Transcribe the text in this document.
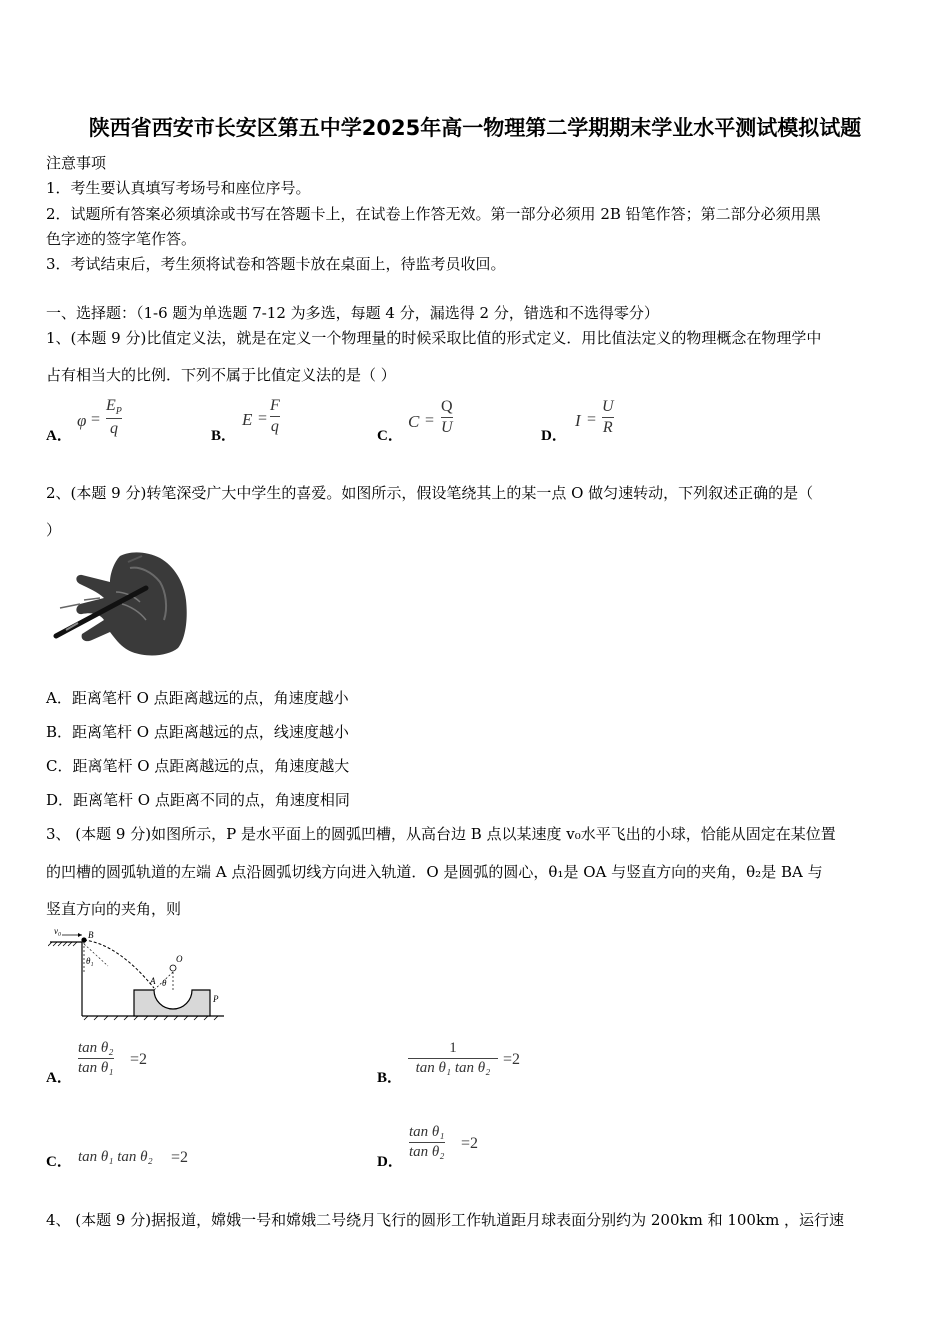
陕西省西安市长安区第五中学2025年高一物理第二学期期末学业水平测试模拟试题
注意事项
1．考生要认真填写考场号和座位序号。
2．试题所有答案必须填涂或书写在答题卡上，在试卷上作答无效。第一部分必须用 2B 铅笔作答；第二部分必须用黑
色字迹的签字笔作答。
3．考试结束后，考生须将试卷和答题卡放在桌面上，待监考员收回。
一、选择题：（1-6 题为单选题 7-12 为多选，每题 4 分，漏选得 2 分，错选和不选得零分）
1、(本题 9 分)比值定义法，就是在定义一个物理量的时候采取比值的形式定义．用比值法定义的物理概念在物理学中
占有相当大的比例．下列不属于比值定义法的是（ ）
A．
φ =
$E_P$
q	B．
E =
F
q
C．
C =
Q
U	D．
I =
U
R
2、(本题 9 分)转笔深受广大中学生的喜爱。如图所示，假设笔绕其上的某一点 O 做匀速转动，下列叙述正确的是（
）
A．距离笔杆 O 点距离越远的点，角速度越小
B．距离笔杆 O 点距离越远的点，线速度越小
C．距离笔杆 O 点距离越远的点，角速度越大
D．距离笔杆 O 点距离不同的点，角速度相同
3、 (本题 9 分)如图所示，P 是水平面上的圆弧凹槽，从高台边 B 点以某速度 v₀水平飞出的小球，恰能从固定在某位置
的凹槽的圆弧轨道的左端 A 点沿圆弧切线方向进入轨道．O 是圆弧的圆心，θ₁是 OA 与竖直方向的夹角，θ₂是 BA 与
竖直方向的夹角，则
v₀	B
θ₁	O
A θ
P
A．
tan θ₂
tan θ₁ =2
B．
1
tan θ₁ tan θ₂ =2
C． tan θ₁ tan θ₂ =2	D．
tan θ₁
tan θ₂ =2
4、 (本题 9 分)据报道，嫦娥一号和嫦娥二号绕月飞行的圆形工作轨道距月球表面分别约为 200km 和 100km ，运行速
